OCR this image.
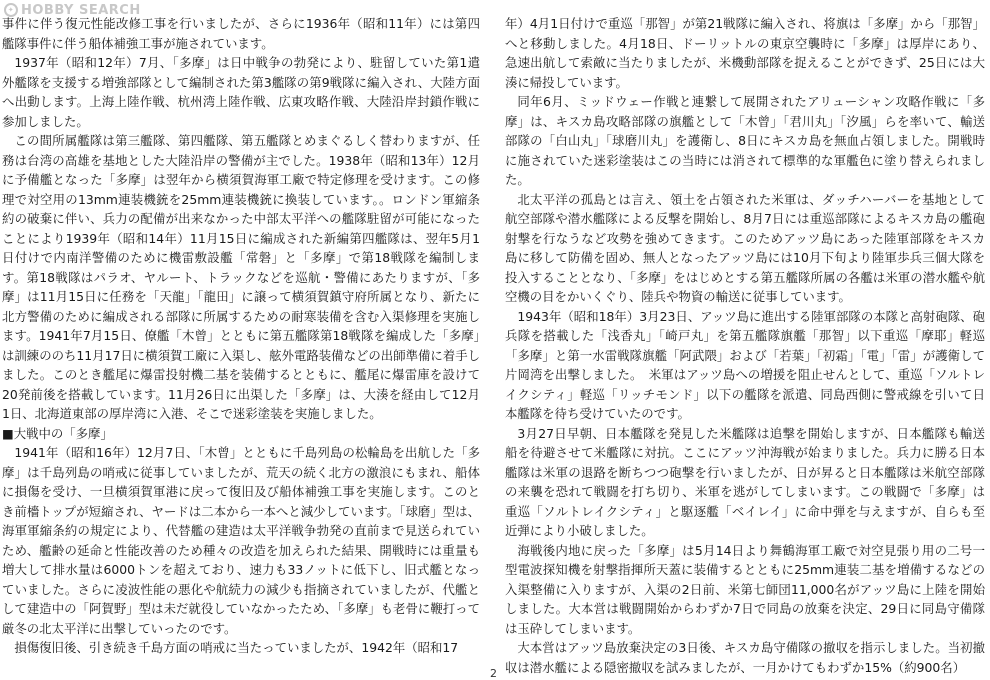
✦ HOBBY SEARCH

事件に伴う復元性能改修工事を行いましたが、さらに1936年（昭和11年）には第四艦隊事件に伴う船体補強工事が施されています。

1937年（昭和12年）7月、「多摩」は日中戦争の勃発により、駐留していた第1遣外艦隊を支援する増強部隊として編制された第3艦隊の第9戦隊に編入され、大陸方面へ出動します。上海上陸作戦、杭州湾上陸作戦、広東攻略作戦、大陸沿岸封鎖作戦に参加しました。

この間所属艦隊は第三艦隊、第四艦隊、第五艦隊とめまぐるしく替わりますが、任務は台湾の高雄を基地とした大陸沿岸の警備が主でした。1938年（昭和13年）12月に予備艦となった「多摩」は翌年から横須賀海軍工廠で特定修理を受けます。この修理で対空用の13mm連装機銃を25mm連装機銃に換装しています。。ロンドン軍縮条約の破棄に伴い、兵力の配備が出来なかった中部太平洋への艦隊駐留が可能になったことにより1939年（昭和14年）11月15日に編成された新編第四艦隊は、翌年5月1日付けで内南洋警備のために機雷敷設艦「常磐」と「多摩」で第18戦隊を編制します。第18戦隊はパラオ、ヤルート、トラックなどを巡航・警備にあたりますが、「多摩」は11月15日に任務を「天龍」「龍田」に譲って横須賀鎮守府所属となり、新たに北方警備のために編成される部隊に所属するための耐寒装備を含む入渠修理を実施します。1941年7月15日、僚艦「木曾」とともに第五艦隊第18戦隊を編成した「多摩」は訓練ののち11月17日に横須賀工廠に入渠し、舷外電路装備などの出師準備に着手しました。このとき艦尾に爆雷投射機二基を装備するとともに、艦尾に爆雷庫を設けて20発前後を搭載しています。11月26日に出渠した「多摩」は、大湊を経由して12月1日、北海道東部の厚岸湾に入港、そこで迷彩塗装を実施しました。

■大戦中の「多摩」

1941年（昭和16年）12月7日、「木曾」とともに千島列島の松輪島を出航した「多摩」は千島列島の哨戒に従事していましたが、荒天の続く北方の激浪にもまれ、船体に損傷を受け、一旦横須賀軍港に戻って復旧及び船体補強工事を実施します。このとき前檣トップが短縮され、ヤードは二本から一本へと減少しています。「球磨」型は、海軍軍縮条約の規定により、代替艦の建造は太平洋戦争勃発の直前まで見送られていため、艦齢の延命と性能改善のため種々の改造を加えられた結果、開戦時には重量も増大して排水量は6000トンを超えており、速力も33ノットに低下し、旧式艦となっていました。さらに凌波性能の悪化や航続力の減少も指摘されていましたが、代艦として建造中の「阿賀野」型は未だ就役していなかったため、「多摩」も老骨に鞭打って厳冬の北太平洋に出撃していったのです。

損傷復旧後、引き続き千島方面の哨戒に当たっていましたが、1942年（昭和17

年）4月1日付けで重巡「那智」が第21戦隊に編入され、将旗は「多摩」から「那智」へと移動しました。4月18日、ドーリットルの東京空襲時に「多摩」は厚岸にあり、急速出航して索敵に当たりましたが、米機動部隊を捉えることができず、25日には大湊に帰投しています。

同年6月、ミッドウェー作戦と連繋して展開されたアリューシャン攻略作戦に「多摩」は、キスカ島攻略部隊の旗艦として「木曾」「君川丸」「汐風」らを率いて、輸送部隊の「白山丸」「球磨川丸」を護衛し、8日にキスカ島を無血占領しました。開戦時に施されていた迷彩塗装はこの当時には消されて標準的な軍艦色に塗り替えられました。

北太平洋の孤島とは言え、領土を占領された米軍は、ダッチハーバーを基地として航空部隊や潜水艦隊による反撃を開始し、8月7日には重巡部隊によるキスカ島の艦砲射撃を行なうなど攻勢を強めてきます。このためアッツ島にあった陸軍部隊をキスカ島に移して防備を固め、無人となったアッツ島には10月下旬より陸軍歩兵三個大隊を投入することとなり、「多摩」をはじめとする第五艦隊所属の各艦は米軍の潜水艦や航空機の目をかいくぐり、陸兵や物資の輸送に従事しています。

1943年（昭和18年）3月23日、アッツ島に進出する陸軍部隊の本隊と高射砲隊、砲兵隊を搭載した「浅香丸」「崎戸丸」を第五艦隊旗艦「那智」以下重巡「摩耶」軽巡「多摩」と第一水雷戦隊旗艦「阿武隈」および「若葉」「初霜」「電」「雷」が護衛して片岡湾を出撃しました。　米軍はアッツ島への増援を阻止せんとして、重巡「ソルトレイクシティ」軽巡「リッチモンド」以下の艦隊を派遣、同島西側に警戒線を引いて日本艦隊を待ち受けていたのです。

3月27日早朝、日本艦隊を発見した米艦隊は追撃を開始しますが、日本艦隊も輸送船を待避させて米艦隊に対抗。ここにアッツ沖海戦が始まりました。兵力に勝る日本艦隊は米軍の退路を断ちつつ砲撃を行いましたが、日が昇ると日本艦隊は米航空部隊の来襲を恐れて戦闘を打ち切り、米軍を逃がしてしまいます。この戦闘で「多摩」は重巡「ソルトレイクシティ」と駆逐艦「ベイレイ」に命中弾を与えますが、自らも至近弾により小破しました。

海戦後内地に戻った「多摩」は5月14日より舞鶴海軍工廠で対空見張り用の二号一型電波探知機を射撃指揮所天蓋に装備するとともに25mm連装二基を増備するなどの入渠整備に入りますが、入渠の2日前、米第七師団11,000名がアッツ島に上陸を開始しました。大本営は戦闘開始からわずか7日で同島の放棄を決定、29日に同島守備隊は玉砕してしまいます。

大本営はアッツ島放棄決定の3日後、キスカ島守備隊の撤収を指示しました。当初撤収は潜水艦による隠密撤収を試みましたが、一月かけてもわずか15%（約900名）

2
